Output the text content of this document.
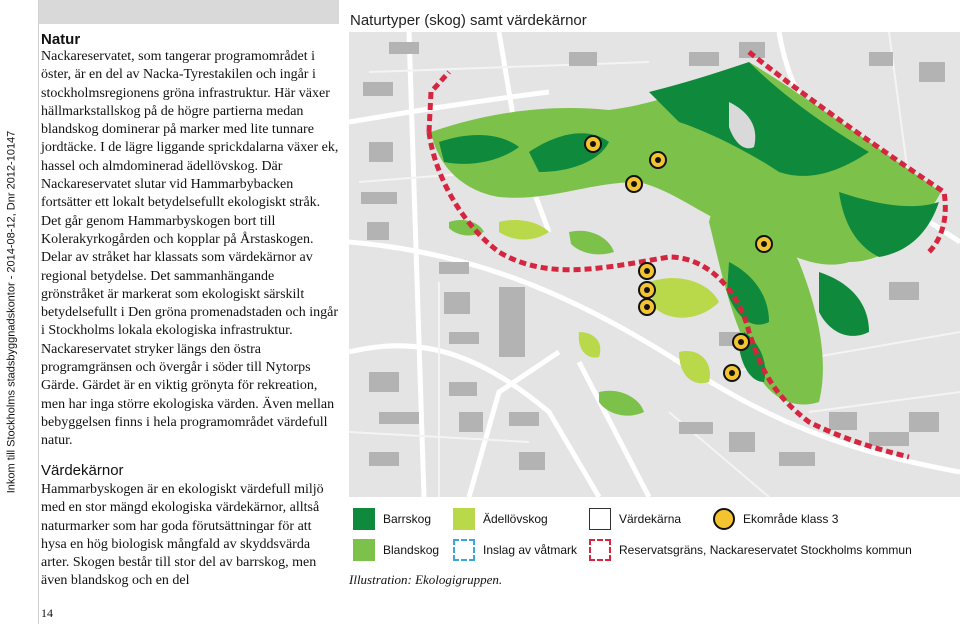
Inkom till Stockholms stadsbyggnadskontor - 2014-08-12, Dnr 2012-10147
Natur
Nackareservatet, som tangerar programområdet i öster, är en del av Nacka-Tyrestakilen och ingår i stockholmsregionens gröna infrastruktur. Här växer hällmarkstallskog på de högre partierna medan blandskog dominerar på marker med lite tunnare jordtäcke. I de lägre liggande sprickdalarna växer ek, hassel och almdominerad ädellövskog. Där Nackareservatet slutar vid Hammarbybacken fortsätter ett lokalt betydelsefullt ekologiskt stråk. Det går genom Hammarbyskogen bort till Kolerakyrkogården och kopplar på Årstaskogen. Delar av stråket har klassats som värdekärnor av regional betydelse. Det sammanhängande grönstråket är markerat som ekologiskt särskilt betydelsefullt i Den gröna promenadstaden och ingår i Stockholms lokala ekologiska infrastruktur. Nackareservatet stryker längs den östra programgränsen och övergår i söder till Nytorps Gärde. Gärdet är en viktig grönyta för rekreation, men har inga större ekologiska värden. Även mellan bebyggelsen finns i hela programområdet värdefull natur.
Värdekärnor
Hammarbyskogen är en ekologiskt värdefull miljö med en stor mängd ekologiska värdekärnor, alltså naturmarker som har goda förutsättningar för att hysa en hög biologisk mångfald av skyddsvärda arter. Skogen består till stor del av barrskog, men även blandskog och en del
14
Naturtyper (skog) samt värdekärnor
Barrskog	Ädellövskog	Värdekärna	Ekområde klass 3
Blandskog	Inslag av våtmark	Reservatsgräns, Nackareservatet Stockholms kommun
Illustration: Ekologigruppen.
